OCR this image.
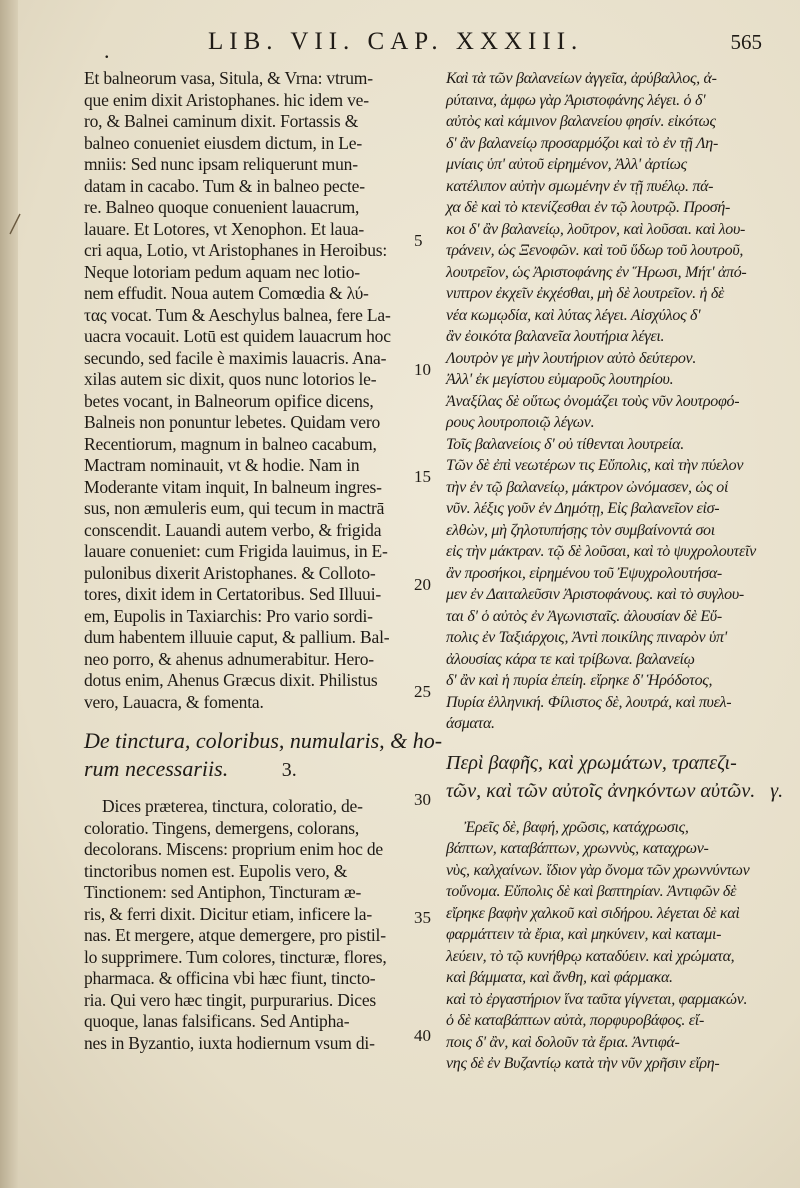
.	LIB. VII. CAP. XXXIII.	565
Et balneorum vasa, Situla, & Vrna: vtrum-
que enim dixit Aristophanes. hic idem ve-
ro, & Balnei caminum dixit. Fortassis &
balneo conueniet eiusdem dictum, in Le-
mniis: Sed nunc ipsam reliquerunt mun-
datam in cacabo. Tum & in balneo pecte-
re. Balneo quoque conuenient lauacrum,
lauare. Et Lotores, vt Xenophon. Et laua-
cri aqua, Lotio, vt Aristophanes in Heroibus:
Neque lotoriam pedum aquam nec lotio-
nem effudit. Noua autem Comœdia & λύ-
τας vocat. Tum & Aeschylus balnea, fere La-
uacra vocauit. Lotū est quidem lauacrum hoc
secundo, sed facile è maximis lauacris. Ana-
xilas autem sic dixit, quos nunc lotorios le-
betes vocant, in Balneorum opifice dicens,
Balneis non ponuntur lebetes. Quidam vero
Recentiorum, magnum in balneo cacabum,
Mactram nominauit, vt & hodie. Nam in
Moderante vitam inquit, In balneum ingres-
sus, non æmuleris eum, qui tecum in mactrā
conscendit. Lauandi autem verbo, & frigida
lauare conueniet: cum Frigida lauimus, in E-
pulonibus dixerit Aristophanes. & Colloto-
tores, dixit idem in Certatoribus. Sed Illuui-
em, Eupolis in Taxiarchis: Pro vario sordi-
dum habentem illuuie caput, & pallium. Bal-
neo porro, & ahenus adnumerabitur. Hero-
dotus enim, Ahenus Græcus dixit. Philistus
vero, Lauacra, & fomenta.
De tinctura, coloribus, numularis, & ho-
rum necessariis.	3.
Dices præterea, tinctura, coloratio, de-
coloratio. Tingens, demergens, colorans,
decolorans. Miscens: proprium enim hoc de
tinctoribus nomen est. Eupolis vero, &
Tinctionem: sed Antiphon, Tincturam æ-
ris, & ferri dixit. Dicitur etiam, inficere la-
nas. Et mergere, atque demergere, pro pistil-
lo supprimere. Tum colores, tincturæ, flores,
pharmaca. & officina vbi hæc fiunt, tincto-
ria. Qui vero hæc tingit, purpurarius. Dices
quoque, lanas falsificans. Sed Antipha-
nes in Byzantio, iuxta hodiernum vsum di-
5
10
15
20
25
30
35
40
Καὶ τὰ τῶν βαλανείων ἀγγεῖα, ἀρύβαλλος, ἀ-
ρύταινα, ἀμφω γὰρ Ἀριστοφάνης λέγει. ὁ δ'
αὐτὸς καὶ κάμινον βαλανείου φησίν. εἰκότως
δ' ἂν βαλανείῳ προσαρμόζοι καὶ τὸ ἐν τῇ Λη-
μνίαις ὑπ' αὐτοῦ εἰρημένον, Ἀλλ' ἀρτίως
κατέλιπον αὐτὴν σμωμένην ἐν τῇ πυέλῳ. πά-
χα δὲ καὶ τὸ κτενίζεσθαι ἐν τῷ λουτρῷ. Προσή-
κοι δ' ἂν βαλανείῳ, λοῦτρον, καὶ λοῦσαι. καὶ λου-
τράνειν, ὡς Ξενοφῶν. καὶ τοῦ ὕδωρ τοῦ λουτροῦ,
λουτρεῖον, ὡς Ἀριστοφάνης ἐν Ἥρωσι, Μήτ' ἀπό-
νιπτρον ἐκχεῖν ἐκχέσθαι, μὴ δὲ λουτρεῖον. ἡ δὲ
νέα κωμῳδία, καὶ λύτας λέγει. Αἰσχύλος δ'
ἂν ἐοικότα βαλανεῖα λουτήρια λέγει.
Λουτρὸν γε μὴν λουτήριον αὐτὸ δεύτερον.
Ἀλλ' ἐκ μεγίστου εὐμαροῦς λουτηρίου.
Ἀναξίλας δὲ οὕτως ὀνομάζει τοὺς νῦν λουτροφό-
ρους λουτροποιῷ λέγων.
Τοῖς βαλανείοις δ' οὐ τίθενται λουτρεία.
Τῶν δὲ ἐπὶ νεωτέρων τις Εὔπολις, καὶ τὴν πύελον
τὴν ἐν τῷ βαλανείῳ, μάκτρον ὠνόμασεν, ὡς οἱ
νῦν. λέξις γοῦν ἐν Δημότῃ, Εἰς βαλανεῖον εἰσ-
ελθὼν, μὴ ζηλοτυπήσῃς τὸν συμβαίνοντά σοι
εἰς τὴν μάκτραν. τῷ δὲ λοῦσαι, καὶ τὸ ψυχρολουτεῖν
ἂν προσήκοι, εἰρημένου τοῦ Ἐψυχρολουτήσα-
μεν ἐν Δαιταλεῦσιν Ἀριστοφάνους. καὶ τὸ συγλου-
ται δ' ὁ αὐτὸς ἐν Ἀγωνισταῖς. ἀλουσίαν δὲ Εὔ-
πολις ἐν Ταξιάρχοις, Ἀντὶ ποικίλης πιναρὸν ὑπ'
ἀλουσίας κάρα τε καὶ τρίβωνα. βαλανείῳ
δ' ἂν καὶ ἡ πυρία ἐπείη. εἴρηκε δ' Ἡρόδοτος,
Πυρία ἑλληνική. Φίλιστος δὲ, λουτρά, καὶ πυελ-
άσματα.
Περὶ βαφῆς, καὶ χρωμάτων, τραπεζι-
τῶν, καὶ τῶν αὐτοῖς ἀνηκόντων αὐτῶν. γ.
Ἐρεῖς δὲ, βαφή, χρῶσις, κατάχρωσις,
βάπτων, καταβάπτων, χρωννὺς, καταχρων-
νὺς, καλχαίνων. ἴδιον γὰρ ὄνομα τῶν χρωννύντων
τοὔνομα. Εὔπολις δὲ καὶ βαπτηρίαν. Ἀντιφῶν δὲ
εἴρηκε βαφὴν χαλκοῦ καὶ σιδήρου. λέγεται δὲ καὶ
φαρμάττειν τὰ ἔρια, καὶ μηκύνειν, καὶ καταμι-
λεύειν, τὸ τῷ κυνήθρῳ καταδύειν. καὶ χρώματα,
καὶ βάμματα, καὶ ἄνθη, καὶ φάρμακα.
καὶ τὸ ἐργαστήριον ἵνα ταῦτα γίγνεται, φαρμακών.
ὁ δὲ καταβάπτων αὐτὰ, πορφυροβάφος. εἴ-
ποις δ' ἂν, καὶ δολοῦν τὰ ἔρια. Ἀντιφά-
νης δὲ ἐν Βυζαντίῳ κατὰ τὴν νῦν χρῆσιν εἴρη-
